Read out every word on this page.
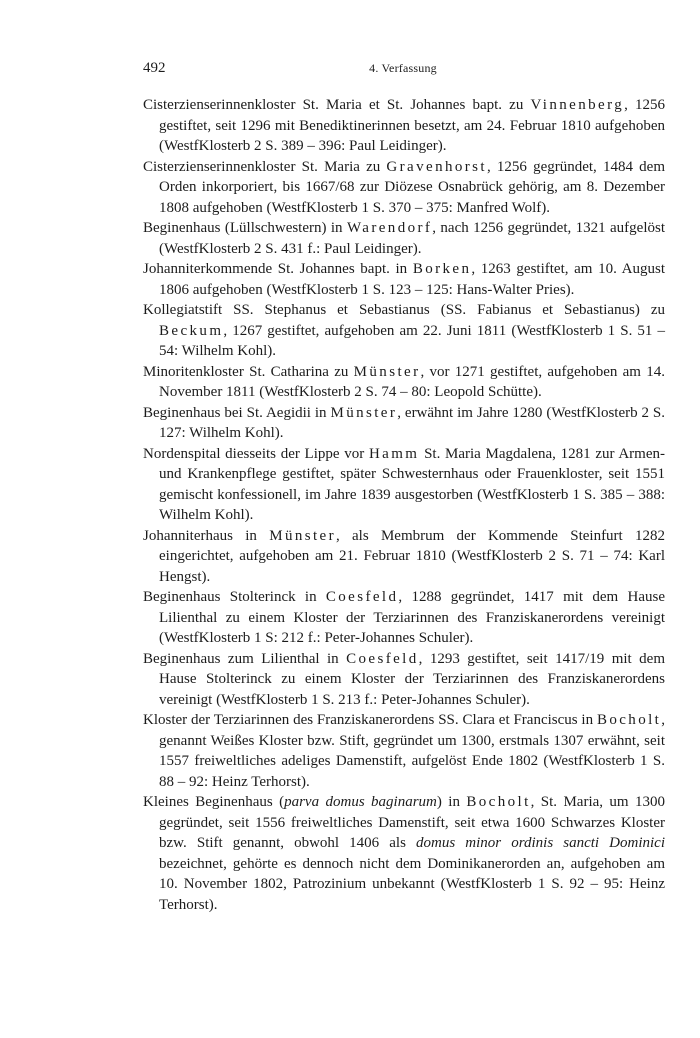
492	4. Verfassung

Cisterzienserinnenkloster St. Maria et St. Johannes bapt. zu Vinnenberg, 1256 gestiftet, seit 1296 mit Benediktinerinnen besetzt, am 24. Februar 1810 aufgehoben (WestfKlosterb 2 S. 389 – 396: Paul Leidinger).

Cisterzienserinnenkloster St. Maria zu Gravenhorst, 1256 gegründet, 1484 dem Orden inkorporiert, bis 1667/68 zur Diözese Osnabrück gehörig, am 8. Dezember 1808 aufgehoben (WestfKlosterb 1 S. 370 – 375: Manfred Wolf).

Beginenhaus (Lüllschwestern) in Warendorf, nach 1256 gegründet, 1321 aufgelöst (WestfKlosterb 2 S. 431 f.: Paul Leidinger).

Johanniterkommende St. Johannes bapt. in Borken, 1263 gestiftet, am 10. August 1806 aufgehoben (WestfKlosterb 1 S. 123 – 125: Hans-Walter Pries).

Kollegiatstift SS. Stephanus et Sebastianus (SS. Fabianus et Sebastianus) zu Beckum, 1267 gestiftet, aufgehoben am 22. Juni 1811 (WestfKlosterb 1 S. 51 – 54: Wilhelm Kohl).

Minoritenkloster St. Catharina zu Münster, vor 1271 gestiftet, aufgehoben am 14. November 1811 (WestfKlosterb 2 S. 74 – 80: Leopold Schütte).

Beginenhaus bei St. Aegidii in Münster, erwähnt im Jahre 1280 (WestfKlosterb 2 S. 127: Wilhelm Kohl).

Nordenspital diesseits der Lippe vor Hamm St. Maria Magdalena, 1281 zur Armen- und Krankenpflege gestiftet, später Schwesternhaus oder Frauenkloster, seit 1551 gemischt konfessionell, im Jahre 1839 ausgestorben (WestfKlosterb 1 S. 385 – 388: Wilhelm Kohl).

Johanniterhaus in Münster, als Membrum der Kommende Steinfurt 1282 eingerichtet, aufgehoben am 21. Februar 1810 (WestfKlosterb 2 S. 71 – 74: Karl Hengst).

Beginenhaus Stolterinck in Coesfeld, 1288 gegründet, 1417 mit dem Hause Lilienthal zu einem Kloster der Terziarinnen des Franziskanerordens vereinigt (WestfKlosterb 1 S: 212 f.: Peter-Johannes Schuler).

Beginenhaus zum Lilienthal in Coesfeld, 1293 gestiftet, seit 1417/19 mit dem Hause Stolterinck zu einem Kloster der Terziarinnen des Franziskanerordens vereinigt (WestfKlosterb 1 S. 213 f.: Peter-Johannes Schuler).

Kloster der Terziarinnen des Franziskanerordens SS. Clara et Franciscus in Bocholt, genannt Weißes Kloster bzw. Stift, gegründet um 1300, erstmals 1307 erwähnt, seit 1557 freiweltliches adeliges Damenstift, aufgelöst Ende 1802 (WestfKlosterb 1 S. 88 – 92: Heinz Terhorst).

Kleines Beginenhaus (parva domus baginarum) in Bocholt, St. Maria, um 1300 gegründet, seit 1556 freiweltliches Damenstift, seit etwa 1600 Schwarzes Kloster bzw. Stift genannt, obwohl 1406 als domus minor ordinis sancti Dominici bezeichnet, gehörte es dennoch nicht dem Dominikanerorden an, aufgehoben am 10. November 1802, Patrozinium unbekannt (WestfKlosterb 1 S. 92 – 95: Heinz Terhorst).
